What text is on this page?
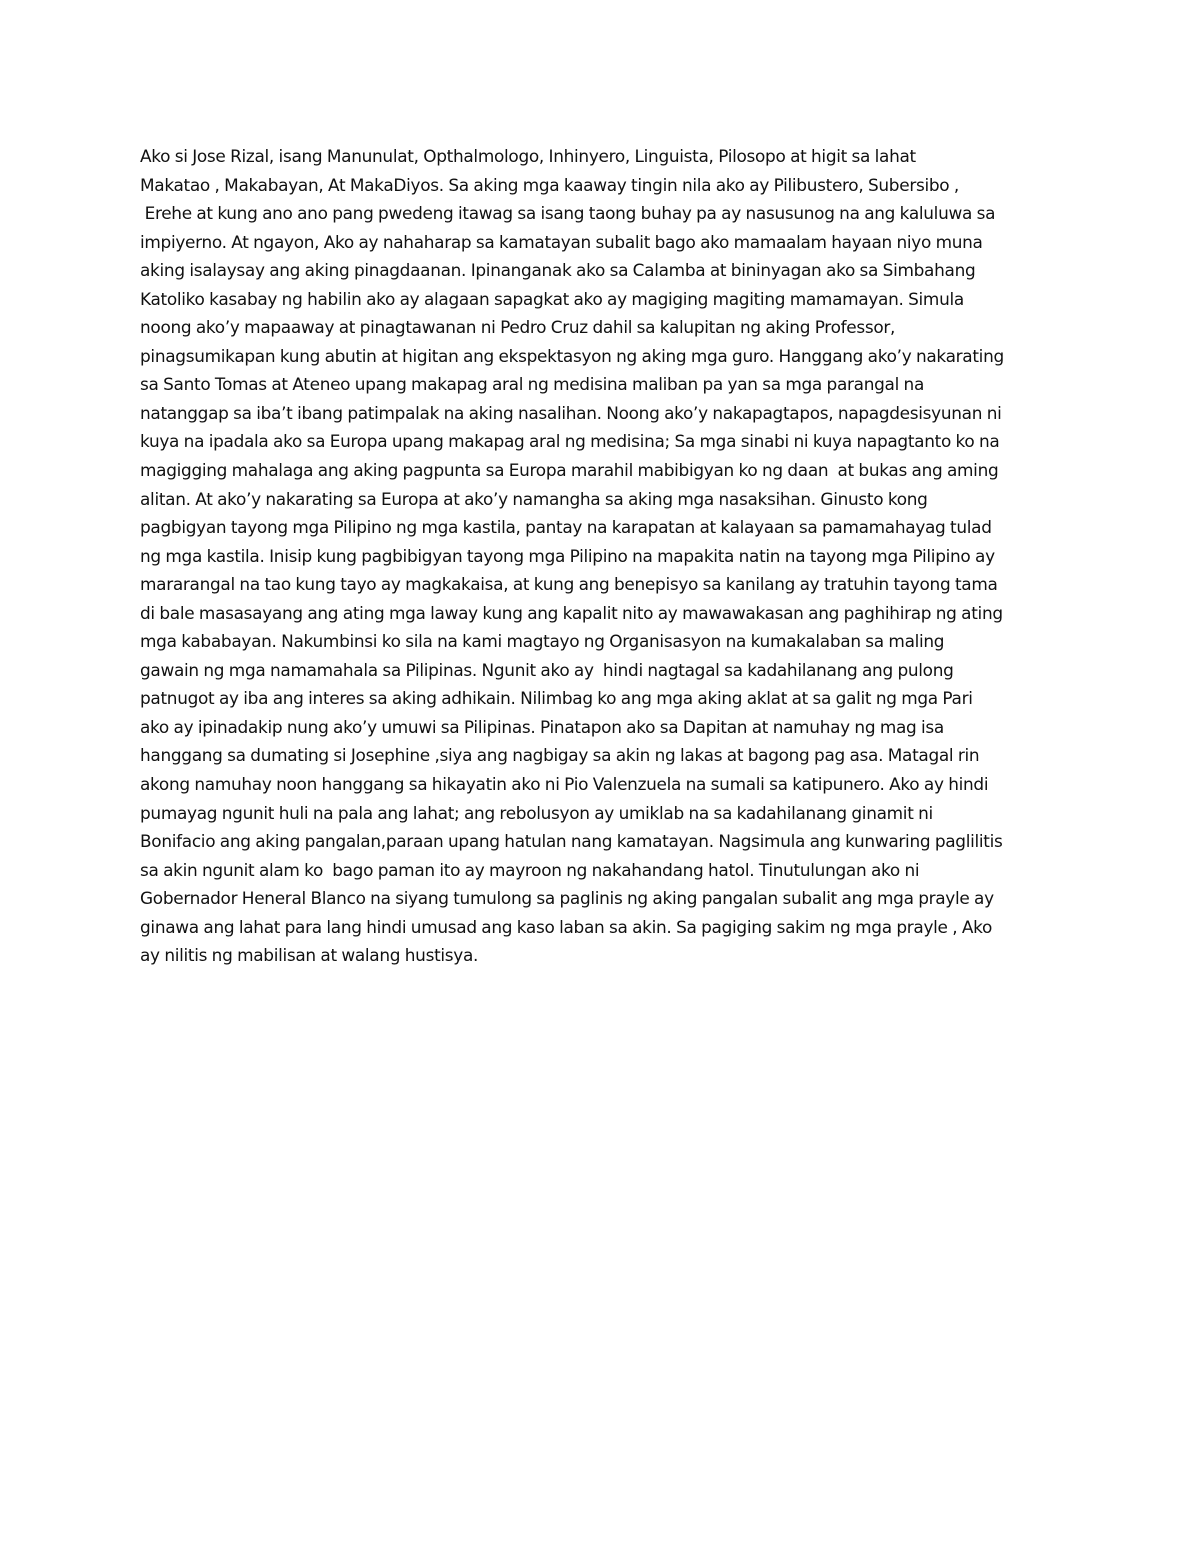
Ako si Jose Rizal, isang Manunulat, Opthalmologo, Inhinyero, Linguista, Pilosopo at higit sa lahat
Makatao , Makabayan, At MakaDiyos. Sa aking mga kaaway tingin nila ako ay Pilibustero, Subersibo ,
Erehe at kung ano ano pang pwedeng itawag sa isang taong buhay pa ay nasusunog na ang kaluluwa sa
impiyerno. At ngayon, Ako ay nahaharap sa kamatayan subalit bago ako mamaalam hayaan niyo muna
aking isalaysay ang aking pinagdaanan. Ipinanganak ako sa Calamba at bininyagan ako sa Simbahang
Katoliko kasabay ng habilin ako ay alagaan sapagkat ako ay magiging magiting mamamayan. Simula
noong ako’y mapaaway at pinagtawanan ni Pedro Cruz dahil sa kalupitan ng aking Professor,
pinagsumikapan kung abutin at higitan ang ekspektasyon ng aking mga guro. Hanggang ako’y nakarating
sa Santo Tomas at Ateneo upang makapag aral ng medisina maliban pa yan sa mga parangal na
natanggap sa iba’t ibang patimpalak na aking nasalihan. Noong ako’y nakapagtapos, napagdesisyunan ni
kuya na ipadala ako sa Europa upang makapag aral ng medisina; Sa mga sinabi ni kuya napagtanto ko na
magigging mahalaga ang aking pagpunta sa Europa marahil mabibigyan ko ng daan  at bukas ang aming
alitan. At ako’y nakarating sa Europa at ako’y namangha sa aking mga nasaksihan. Ginusto kong
pagbigyan tayong mga Pilipino ng mga kastila, pantay na karapatan at kalayaan sa pamamahayag tulad
ng mga kastila. Inisip kung pagbibigyan tayong mga Pilipino na mapakita natin na tayong mga Pilipino ay
mararangal na tao kung tayo ay magkakaisa, at kung ang benepisyo sa kanilang ay tratuhin tayong tama
di bale masasayang ang ating mga laway kung ang kapalit nito ay mawawakasan ang paghihirap ng ating
mga kababayan. Nakumbinsi ko sila na kami magtayo ng Organisasyon na kumakalaban sa maling
gawain ng mga namamahala sa Pilipinas. Ngunit ako ay  hindi nagtagal sa kadahilanang ang pulong
patnugot ay iba ang interes sa aking adhikain. Nilimbag ko ang mga aking aklat at sa galit ng mga Pari
ako ay ipinadakip nung ako’y umuwi sa Pilipinas. Pinatapon ako sa Dapitan at namuhay ng mag isa
hanggang sa dumating si Josephine ,siya ang nagbigay sa akin ng lakas at bagong pag asa. Matagal rin
akong namuhay noon hanggang sa hikayatin ako ni Pio Valenzuela na sumali sa katipunero. Ako ay hindi
pumayag ngunit huli na pala ang lahat; ang rebolusyon ay umiklab na sa kadahilanang ginamit ni
Bonifacio ang aking pangalan,paraan upang hatulan nang kamatayan. Nagsimula ang kunwaring paglilitis
sa akin ngunit alam ko  bago paman ito ay mayroon ng nakahandang hatol. Tinutulungan ako ni
Gobernador Heneral Blanco na siyang tumulong sa paglinis ng aking pangalan subalit ang mga prayle ay
ginawa ang lahat para lang hindi umusad ang kaso laban sa akin. Sa pagiging sakim ng mga prayle , Ako
ay nilitis ng mabilisan at walang hustisya.
